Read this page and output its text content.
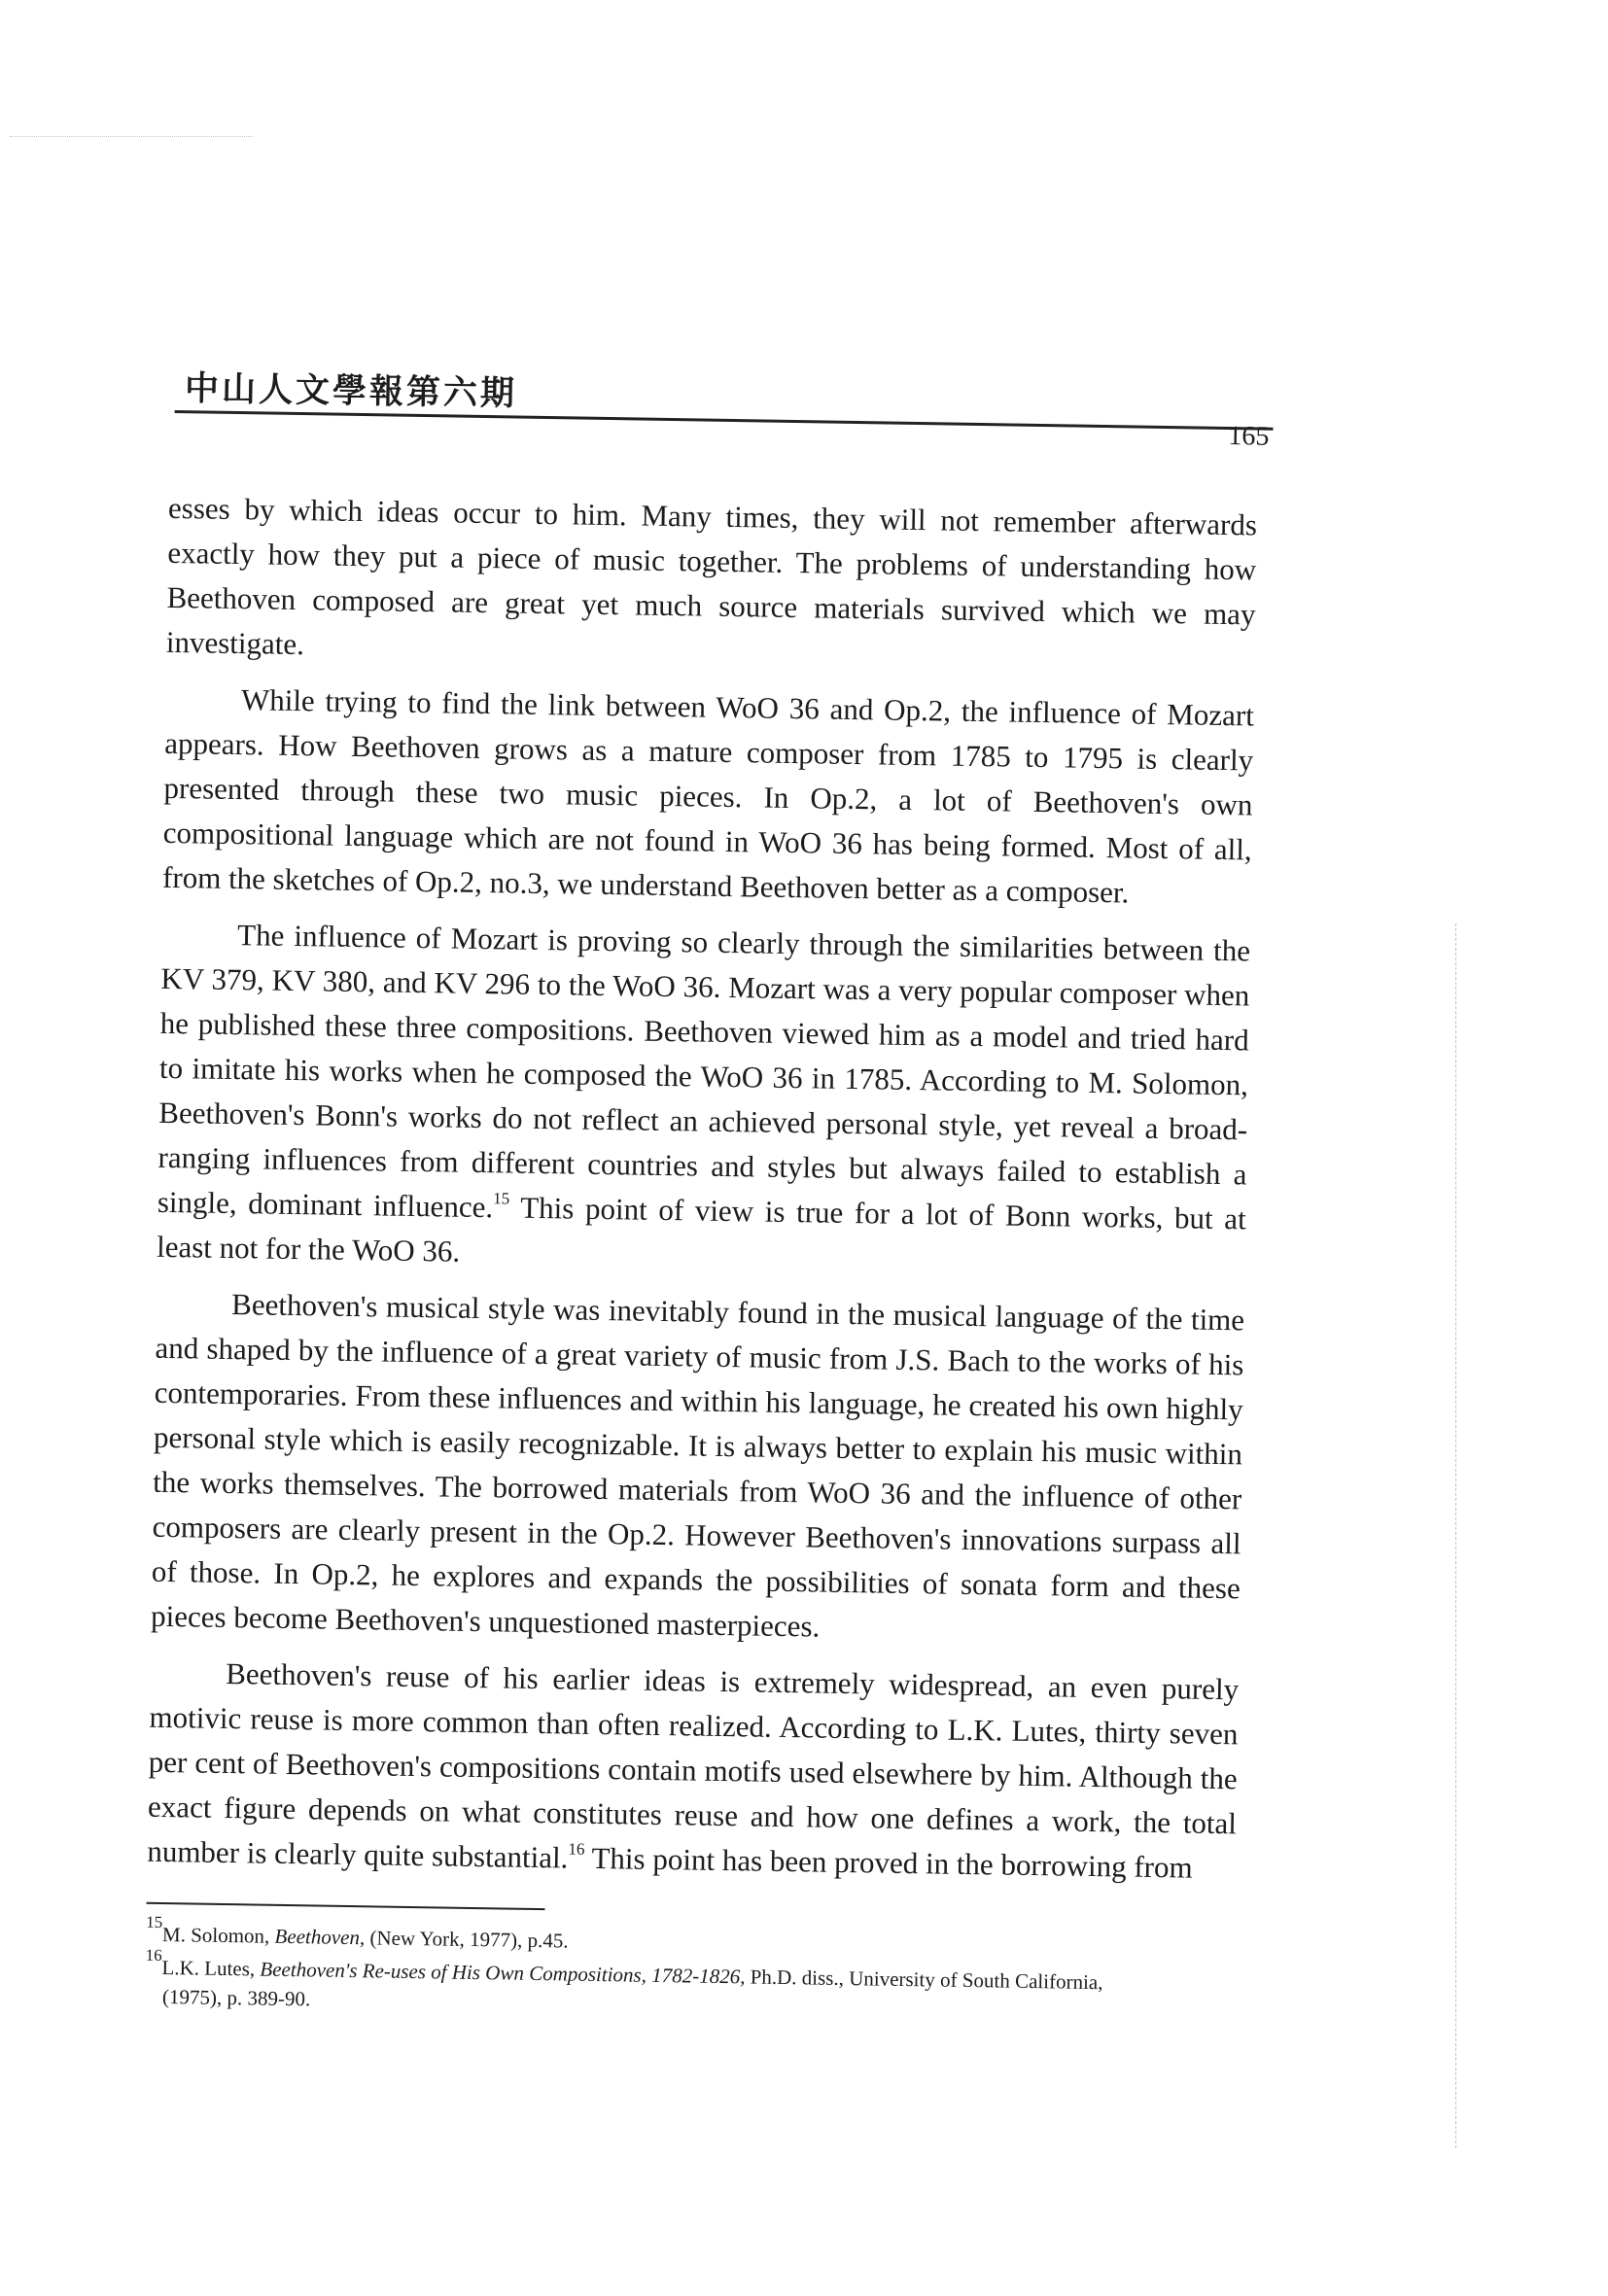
中山人文學報第六期
165

esses by which ideas occur to him. Many times, they will not remember afterwards exactly how they put a piece of music together. The problems of understanding how Beethoven composed are great yet much source materials survived which we may investigate.

While trying to find the link between WoO 36 and Op.2, the influence of Mozart appears. How Beethoven grows as a mature composer from 1785 to 1795 is clearly presented through these two music pieces. In Op.2, a lot of Beethoven's own compositional language which are not found in WoO 36 has being formed. Most of all, from the sketches of Op.2, no.3, we understand Beethoven better as a composer.

The influence of Mozart is proving so clearly through the similarities between the KV 379, KV 380, and KV 296 to the WoO 36. Mozart was a very popular composer when he published these three compositions. Beethoven viewed him as a model and tried hard to imitate his works when he composed the WoO 36 in 1785. According to M. Solomon, Beethoven's Bonn's works do not reflect an achieved personal style, yet reveal a broad-ranging influences from different countries and styles but always failed to establish a single, dominant influence.$^{15}$ This point of view is true for a lot of Bonn works, but at least not for the WoO 36.

Beethoven's musical style was inevitably found in the musical language of the time and shaped by the influence of a great variety of music from J.S. Bach to the works of his contemporaries. From these influences and within his language, he created his own highly personal style which is easily recognizable. It is always better to explain his music within the works themselves. The borrowed materials from WoO 36 and the influence of other composers are clearly present in the Op.2. However Beethoven's innovations surpass all of those. In Op.2, he explores and expands the possibilities of sonata form and these pieces become Beethoven's unquestioned masterpieces.

Beethoven's reuse of his earlier ideas is extremely widespread, an even purely motivic reuse is more common than often realized. According to L.K. Lutes, thirty seven per cent of Beethoven's compositions contain motifs used elsewhere by him. Although the exact figure depends on what constitutes reuse and how one defines a work, the total number is clearly quite substantial.$^{16}$ This point has been proved in the borrowing from

$^{15}$M. Solomon, Beethoven, (New York, 1977), p.45.

$^{16}$L.K. Lutes, Beethoven's Re-uses of His Own Compositions, 1782-1826, Ph.D. diss., University of South California,
(1975), p. 389-90.
